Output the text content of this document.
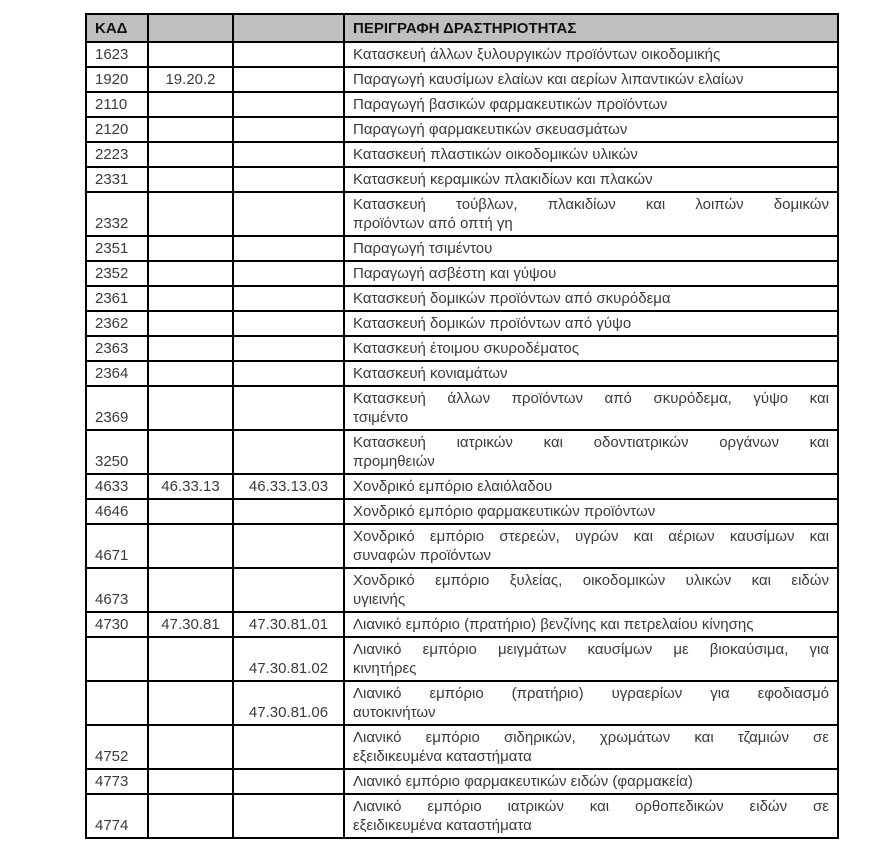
ΚΑΔ			ΠΕΡΙΓΡΑΦΗ ΔΡΑΣΤΗΡΙΟΤΗΤΑΣ
1623			Κατασκευή άλλων ξυλουργικών προϊόντων οικοδομικής

1920	19.20.2		Παραγωγή καυσίμων ελαίων και αερίων λιπαντικών ελαίων

2110			Παραγωγή βασικών φαρμακευτικών προϊόντων

2120			Παραγωγή φαρμακευτικών σκευασμάτων

2223			Κατασκευή πλαστικών οικοδομικών υλικών

2331			Κατασκευή κεραμικών πλακιδίων και πλακών

2332			Κατασκευή τούβλων, πλακιδίων και λοιπών δομικών
προϊόντων από οπτή γη

2351			Παραγωγή τσιμέντου

2352			Παραγωγή ασβέστη και γύψου

2361			Κατασκευή δομικών προϊόντων από σκυρόδεμα

2362			Κατασκευή δομικών προϊόντων από γύψο

2363			Κατασκευή έτοιμου σκυροδέματος

2364			Κατασκευή κονιαμάτων

2369			Κατασκευή άλλων προϊόντων από σκυρόδεμα, γύψο και
τσιμέντο

3250			Κατασκευή ιατρικών και οδοντιατρικών οργάνων και
προμηθειών

4633	46.33.13	46.33.13.03	Χονδρικό εμπόριο ελαιόλαδου

4646			Χονδρικό εμπόριο φαρμακευτικών προϊόντων

4671			Χονδρικό εμπόριο στερεών, υγρών και αέριων καυσίμων και
συναφών προϊόντων

4673			Χονδρικό εμπόριο ξυλείας, οικοδομικών υλικών και ειδών
υγιεινής

4730	47.30.81	47.30.81.01	Λιανικό εμπόριο (πρατήριο) βενζίνης και πετρελαίου κίνησης

		47.30.81.02	Λιανικό εμπόριο μειγμάτων καυσίμων με βιοκαύσιμα, για
κινητήρες

		47.30.81.06	Λιανικό εμπόριο (πρατήριο) υγραερίων για εφοδιασμό
αυτοκινήτων

4752			Λιανικό εμπόριο σιδηρικών, χρωμάτων και τζαμιών σε
εξειδικευμένα καταστήματα

4773			Λιανικό εμπόριο φαρμακευτικών ειδών (φαρμακεία)

4774			Λιανικό εμπόριο ιατρικών και ορθοπεδικών ειδών σε
εξειδικευμένα καταστήματα
